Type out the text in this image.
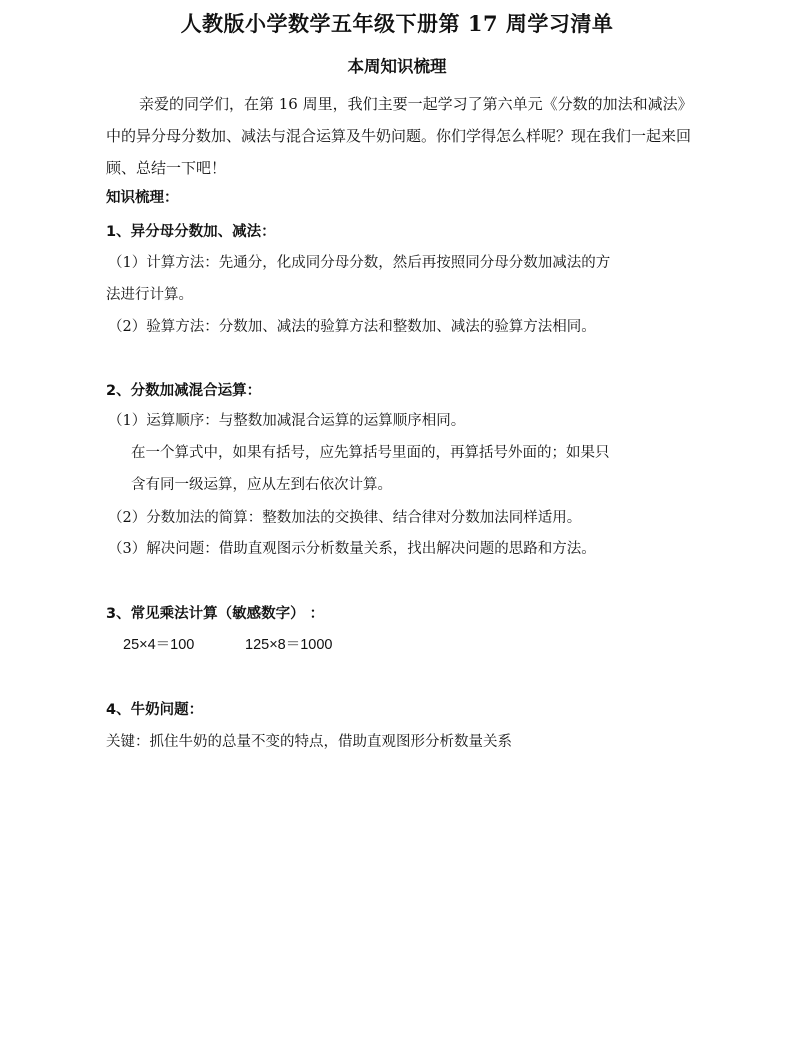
人教版小学数学五年级下册第 17 周学习清单
本周知识梳理
亲爱的同学们，在第 16 周里，我们主要一起学习了第六单元《分数的加法和减法》中的异分母分数加、减法与混合运算及牛奶问题。你们学得怎么样呢？现在我们一起来回顾、总结一下吧！
知识梳理：
1、异分母分数加、减法：
（1）计算方法：先通分，化成同分母分数，然后再按照同分母分数加减法的方
法进行计算。
（2）验算方法：分数加、减法的验算方法和整数加、减法的验算方法相同。
2、分数加减混合运算：
（1）运算顺序：与整数加减混合运算的运算顺序相同。
在一个算式中，如果有括号，应先算括号里面的，再算括号外面的；如果只
含有同一级运算，应从左到右依次计算。
（2）分数加法的简算：整数加法的交换律、结合律对分数加法同样适用。
（3）解决问题：借助直观图示分析数量关系，找出解决问题的思路和方法。
3、常见乘法计算（敏感数字） ：
25×4＝100	125×8＝1000
4、牛奶问题：
关键：抓住牛奶的总量不变的特点，借助直观图形分析数量关系
